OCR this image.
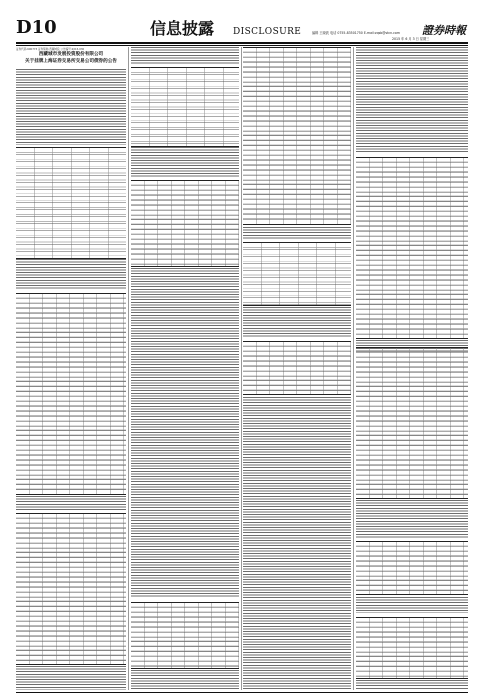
D10	信息披露 DISCLOSURE	编辑 王晓波 电话 0755-83501750 E-mail:zqsb@stcn.com 證券時報
2015 年 6 月 3 日 星期三
证券代码:600773 证券简称:西藏城投 公告编号:2015-030
西藏城市发展投资股份有限公司
关于挂牌上海证券交易所交易公司债券的公告
